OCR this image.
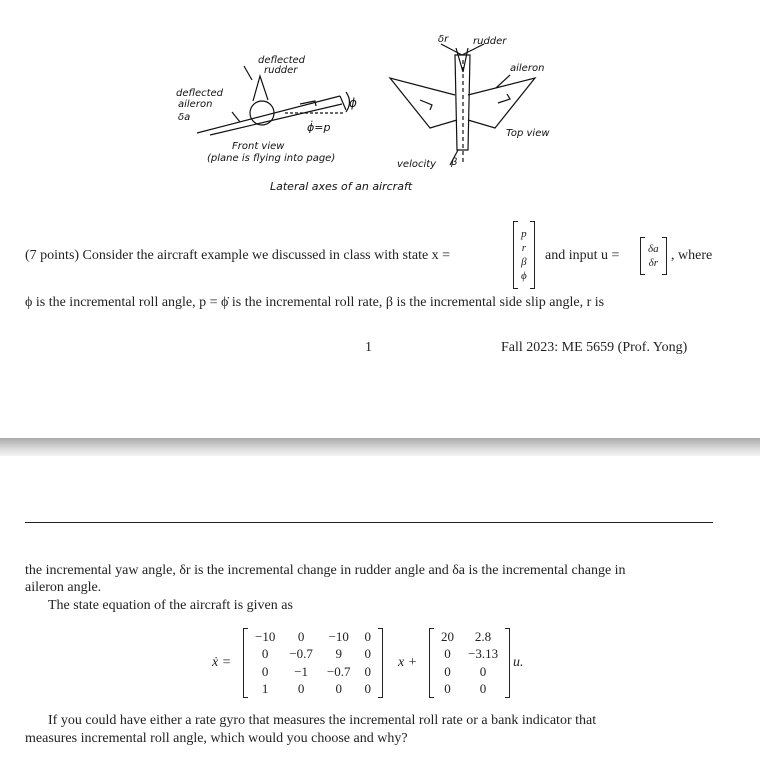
deflected
rudder
deflected
aileron
δa
ϕ
ϕ̇=p
Front view
(plane is flying into page)
δr rudder
aileron
Top view
velocity β
Lateral axes of an aircraft
(7 points) Consider the aircraft example we discussed in class with state x =
p
r
β
ϕ
and input u =	δa
δr , where
ϕ is the incremental roll angle, p = ϕ̇ is the incremental roll rate, β is the incremental side slip angle, r is
1	Fall 2023: ME 5659 (Prof. Yong)
the incremental yaw angle, δr is the incremental change in rudder angle and δa is the incremental change in
aileron angle.
The state equation of the aircraft is given as
ẋ =
−10	0	−10	0
0	−0.7	9	0
0	−1	−0.7	0
1	0	0	0
x +
20	2.8
0	−3.13
0	0
0	0
u.
If you could have either a rate gyro that measures the incremental roll rate or a bank indicator that
measures incremental roll angle, which would you choose and why?
